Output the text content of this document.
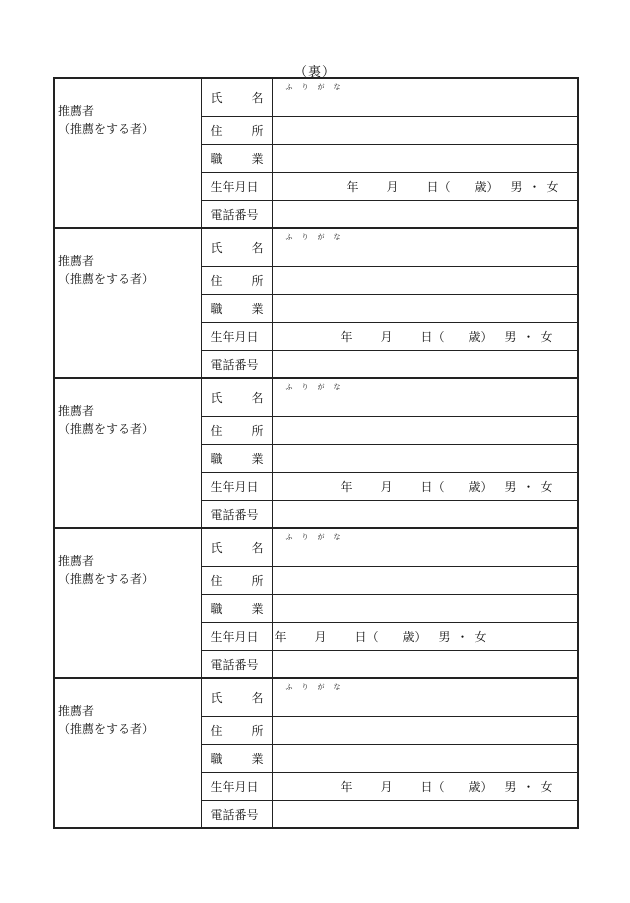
（裏）
推薦者
（推薦をする者）	氏 名	ふ り が な

	住 所	
	職 業	
	生年月日	年 月 日（ 歳） 男 ・ 女
	電話番号	

推薦者
（推薦をする者）	氏 名	ふ り が な

	住 所	
	職 業	
	生年月日	年 月 日（ 歳） 男 ・ 女
	電話番号	

推薦者
（推薦をする者）	氏 名	ふ り が な

	住 所	
	職 業	
	生年月日	年 月 日（ 歳） 男 ・ 女
	電話番号	

推薦者
（推薦をする者）	氏 名	ふ り が な

	住 所	
	職 業	
	生年月日	年 月 日（ 歳） 男 ・ 女
	電話番号	

推薦者
（推薦をする者）	氏 名	ふ り が な

	住 所	
	職 業	
	生年月日	年 月 日（ 歳） 男 ・ 女
	電話番号	
